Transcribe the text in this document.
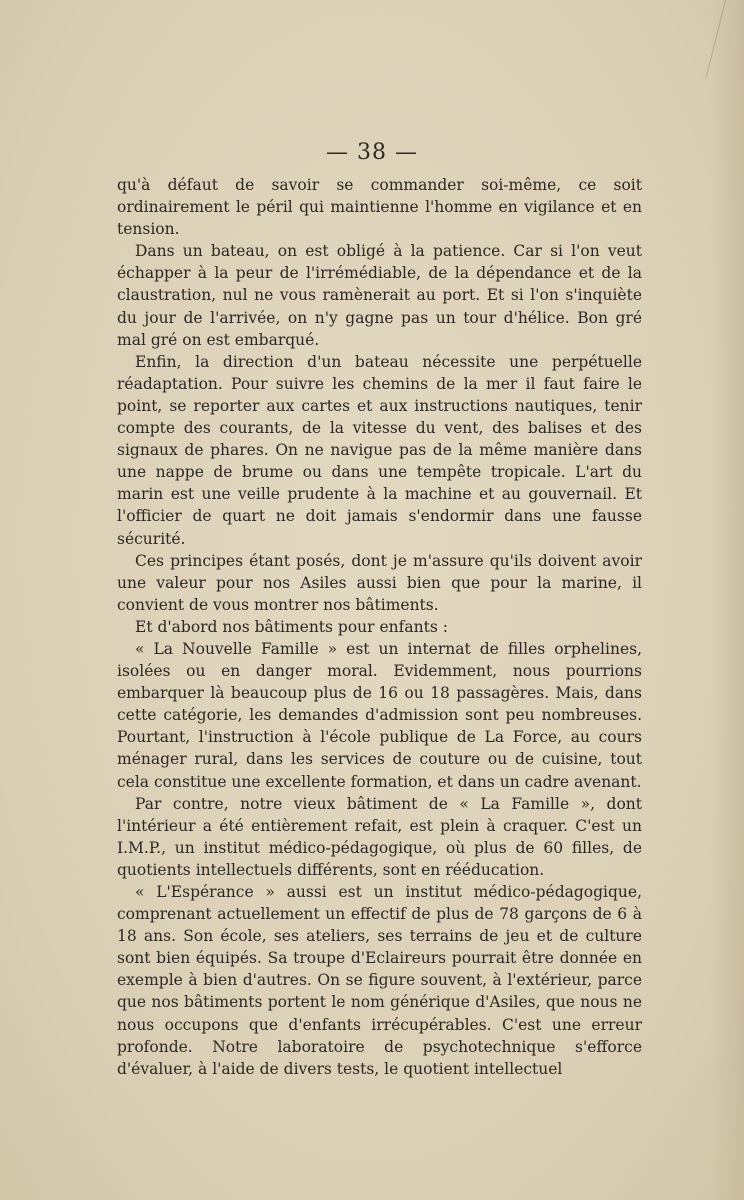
— 38 —

qu'à défaut de savoir se commander soi-même, ce soit ordinairement le péril qui maintienne l'homme en vigilance et en tension.

Dans un bateau, on est obligé à la patience. Car si l'on veut échapper à la peur de l'irrémédiable, de la dépendance et de la claustration, nul ne vous ramènerait au port. Et si l'on s'inquiète du jour de l'arrivée, on n'y gagne pas un tour d'hélice. Bon gré mal gré on est embarqué.

Enfin, la direction d'un bateau nécessite une perpétuelle réadaptation. Pour suivre les chemins de la mer il faut faire le point, se reporter aux cartes et aux instructions nautiques, tenir compte des courants, de la vitesse du vent, des balises et des signaux de phares. On ne navigue pas de la même manière dans une nappe de brume ou dans une tempête tropicale. L'art du marin est une veille prudente à la machine et au gouvernail. Et l'officier de quart ne doit jamais s'endormir dans une fausse sécurité.

Ces principes étant posés, dont je m'assure qu'ils doivent avoir une valeur pour nos Asiles aussi bien que pour la marine, il convient de vous montrer nos bâtiments.

Et d'abord nos bâtiments pour enfants :

« La Nouvelle Famille » est un internat de filles orphelines, isolées ou en danger moral. Evidemment, nous pourrions embarquer là beaucoup plus de 16 ou 18 passagères. Mais, dans cette catégorie, les demandes d'admission sont peu nombreuses. Pourtant, l'instruction à l'école publique de La Force, au cours ménager rural, dans les services de couture ou de cuisine, tout cela constitue une excellente formation, et dans un cadre avenant.

Par contre, notre vieux bâtiment de « La Famille », dont l'intérieur a été entièrement refait, est plein à craquer. C'est un I.M.P., un institut médico-pédagogique, où plus de 60 filles, de quotients intellectuels différents, sont en rééducation.

« L'Espérance » aussi est un institut médico-pédagogique, comprenant actuellement un effectif de plus de 78 garçons de 6 à 18 ans. Son école, ses ateliers, ses terrains de jeu et de culture sont bien équipés. Sa troupe d'Eclaireurs pourrait être donnée en exemple à bien d'autres. On se figure souvent, à l'extérieur, parce que nos bâtiments portent le nom générique d'Asiles, que nous ne nous occupons que d'enfants irrécupérables. C'est une erreur profonde. Notre laboratoire de psychotechnique s'efforce d'évaluer, à l'aide de divers tests, le quotient intellectuel
